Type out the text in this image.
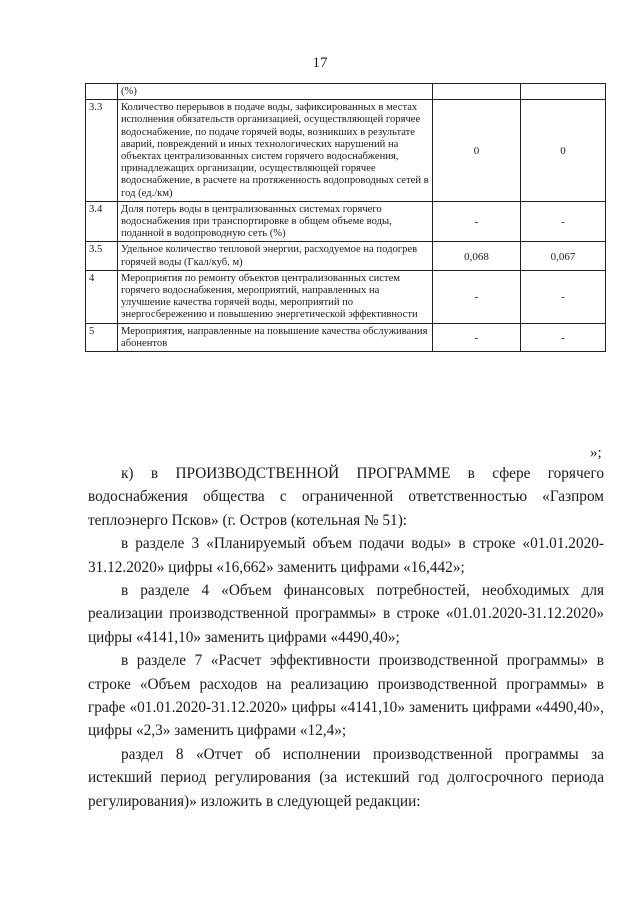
17
	(%)		
3.3	Количество перерывов в подаче воды, зафиксированных в местах исполнения обязательств организацией, осуществляющей горячее водоснабжение, по подаче горячей воды, возникших в результате аварий, повреждений и иных технологических нарушений на объектах централизованных систем горячего водоснабжения, принадлежащих организации, осуществляющей горячее водоснабжение, в расчете на протяженность водопроводных сетей в год (ед./км)	0	0
3.4	Доля потерь воды в централизованных системах горячего водоснабжения при транспортировке в общем объеме воды, поданной в водопроводную сеть (%)	-	-
3.5	Удельное количество тепловой энергии, расходуемое на подогрев горячей воды (Гкал/куб. м)	0,068	0,067
4	Мероприятия по ремонту объектов централизованных систем горячего водоснабжения, мероприятий, направленных на улучшение качества горячей воды, мероприятий по энергосбережению и повышению энергетической эффективности	-	-
5	Мероприятия, направленные на повышение качества обслуживания абонентов	-	-
»;

к) в ПРОИЗВОДСТВЕННОЙ ПРОГРАММЕ в сфере горячего водоснабжения общества с ограниченной ответственностью «Газпром теплоэнерго Псков» (г. Остров (котельная № 51):

в разделе 3 «Планируемый объем подачи воды» в строке «01.01.2020-31.12.2020» цифры «16,662» заменить цифрами «16,442»;

в разделе 4 «Объем финансовых потребностей, необходимых для реализации производственной программы» в строке «01.01.2020-31.12.2020» цифры «4141,10» заменить цифрами «4490,40»;

в разделе 7 «Расчет эффективности производственной программы» в строке «Объем расходов на реализацию производственной программы» в графе «01.01.2020-31.12.2020» цифры «4141,10» заменить цифрами «4490,40», цифры «2,3» заменить цифрами «12,4»;

раздел 8 «Отчет об исполнении производственной программы за истекший период регулирования (за истекший год долгосрочного периода регулирования)» изложить в следующей редакции:
